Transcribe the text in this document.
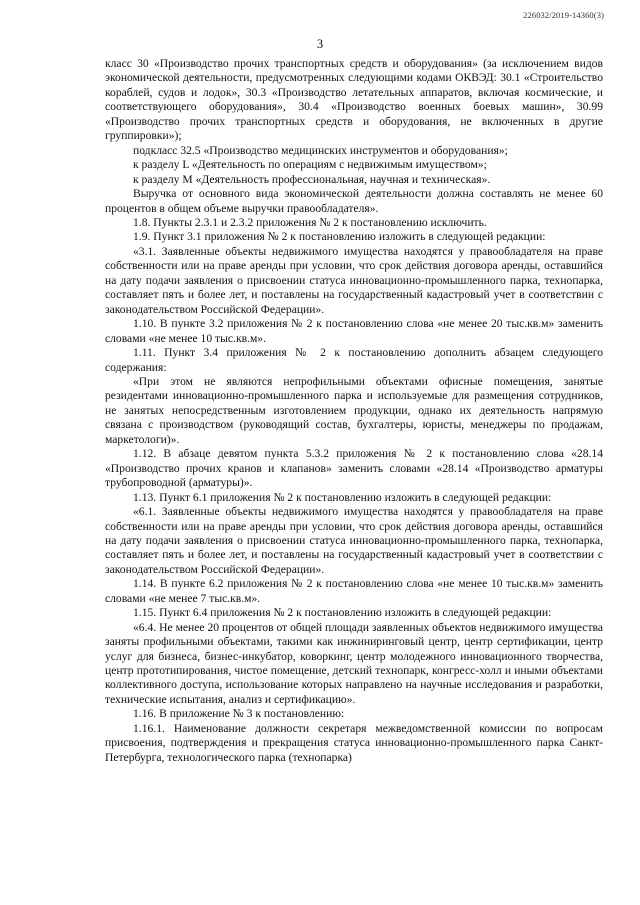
226032/2019-14360(3)
3

класс 30 «Производство прочих транспортных средств и оборудования» (за исключением видов экономической деятельности, предусмотренных следующими кодами ОКВЭД: 30.1 «Строительство кораблей, судов и лодок», 30.3 «Производство летательных аппаратов, включая космические, и соответствующего оборудования», 30.4 «Производство военных боевых машин», 30.99 «Производство прочих транспортных средств и оборудования, не включенных в другие группировки»);

подкласс 32.5 «Производство медицинских инструментов и оборудования»;

к разделу L «Деятельность по операциям с недвижимым имуществом»;

к разделу M «Деятельность профессиональная, научная и техническая».

Выручка от основного вида экономической деятельности должна составлять не менее 60 процентов в общем объеме выручки правообладателя».

1.8. Пункты 2.3.1 и 2.3.2 приложения № 2 к постановлению исключить.

1.9. Пункт 3.1 приложения № 2 к постановлению изложить в следующей редакции:

«3.1. Заявленные объекты недвижимого имущества находятся у правообладателя на праве собственности или на праве аренды при условии, что срок действия договора аренды, оставшийся на дату подачи заявления о присвоении статуса инновационно-промышленного парка, технопарка, составляет пять и более лет, и поставлены на государственный кадастровый учет в соответствии с законодательством Российской Федерации».

1.10. В пункте 3.2 приложения № 2 к постановлению слова «не менее 20 тыс.кв.м» заменить словами «не менее 10 тыс.кв.м».

1.11. Пункт 3.4 приложения № 2 к постановлению дополнить абзацем следующего содержания:

«При этом не являются непрофильными объектами офисные помещения, занятые резидентами инновационно-промышленного парка и используемые для размещения сотрудников, не занятых непосредственным изготовлением продукции, однако их деятельность напрямую связана с производством (руководящий состав, бухгалтеры, юристы, менеджеры по продажам, маркетологи)».

1.12. В абзаце девятом пункта 5.3.2 приложения № 2 к постановлению слова «28.14 «Производство прочих кранов и клапанов» заменить словами «28.14 «Производство арматуры трубопроводной (арматуры)».

1.13. Пункт 6.1 приложения № 2 к постановлению изложить в следующей редакции:

«6.1. Заявленные объекты недвижимого имущества находятся у правообладателя на праве собственности или на праве аренды при условии, что срок действия договора аренды, оставшийся на дату подачи заявления о присвоении статуса инновационно-промышленного парка, технопарка, составляет пять и более лет, и поставлены на государственный кадастровый учет в соответствии с законодательством Российской Федерации».

1.14. В пункте 6.2 приложения № 2 к постановлению слова «не менее 10 тыс.кв.м» заменить словами «не менее 7 тыс.кв.м».

1.15. Пункт 6.4 приложения № 2 к постановлению изложить в следующей редакции:

«6.4. Не менее 20 процентов от общей площади заявленных объектов недвижимого имущества заняты профильными объектами, такими как инжиниринговый центр, центр сертификации, центр услуг для бизнеса, бизнес-инкубатор, коворкинг, центр молодежного инновационного творчества, центр прототипирования, чистое помещение, детский технопарк, конгресс-холл и иными объектами коллективного доступа, использование которых направлено на научные исследования и разработки, технические испытания, анализ и сертификацию».

1.16. В приложение № 3 к постановлению:

1.16.1. Наименование должности секретаря межведомственной комиссии по вопросам присвоения, подтверждения и прекращения статуса инновационно-промышленного парка Санкт-Петербурга, технологического парка (технопарка)
